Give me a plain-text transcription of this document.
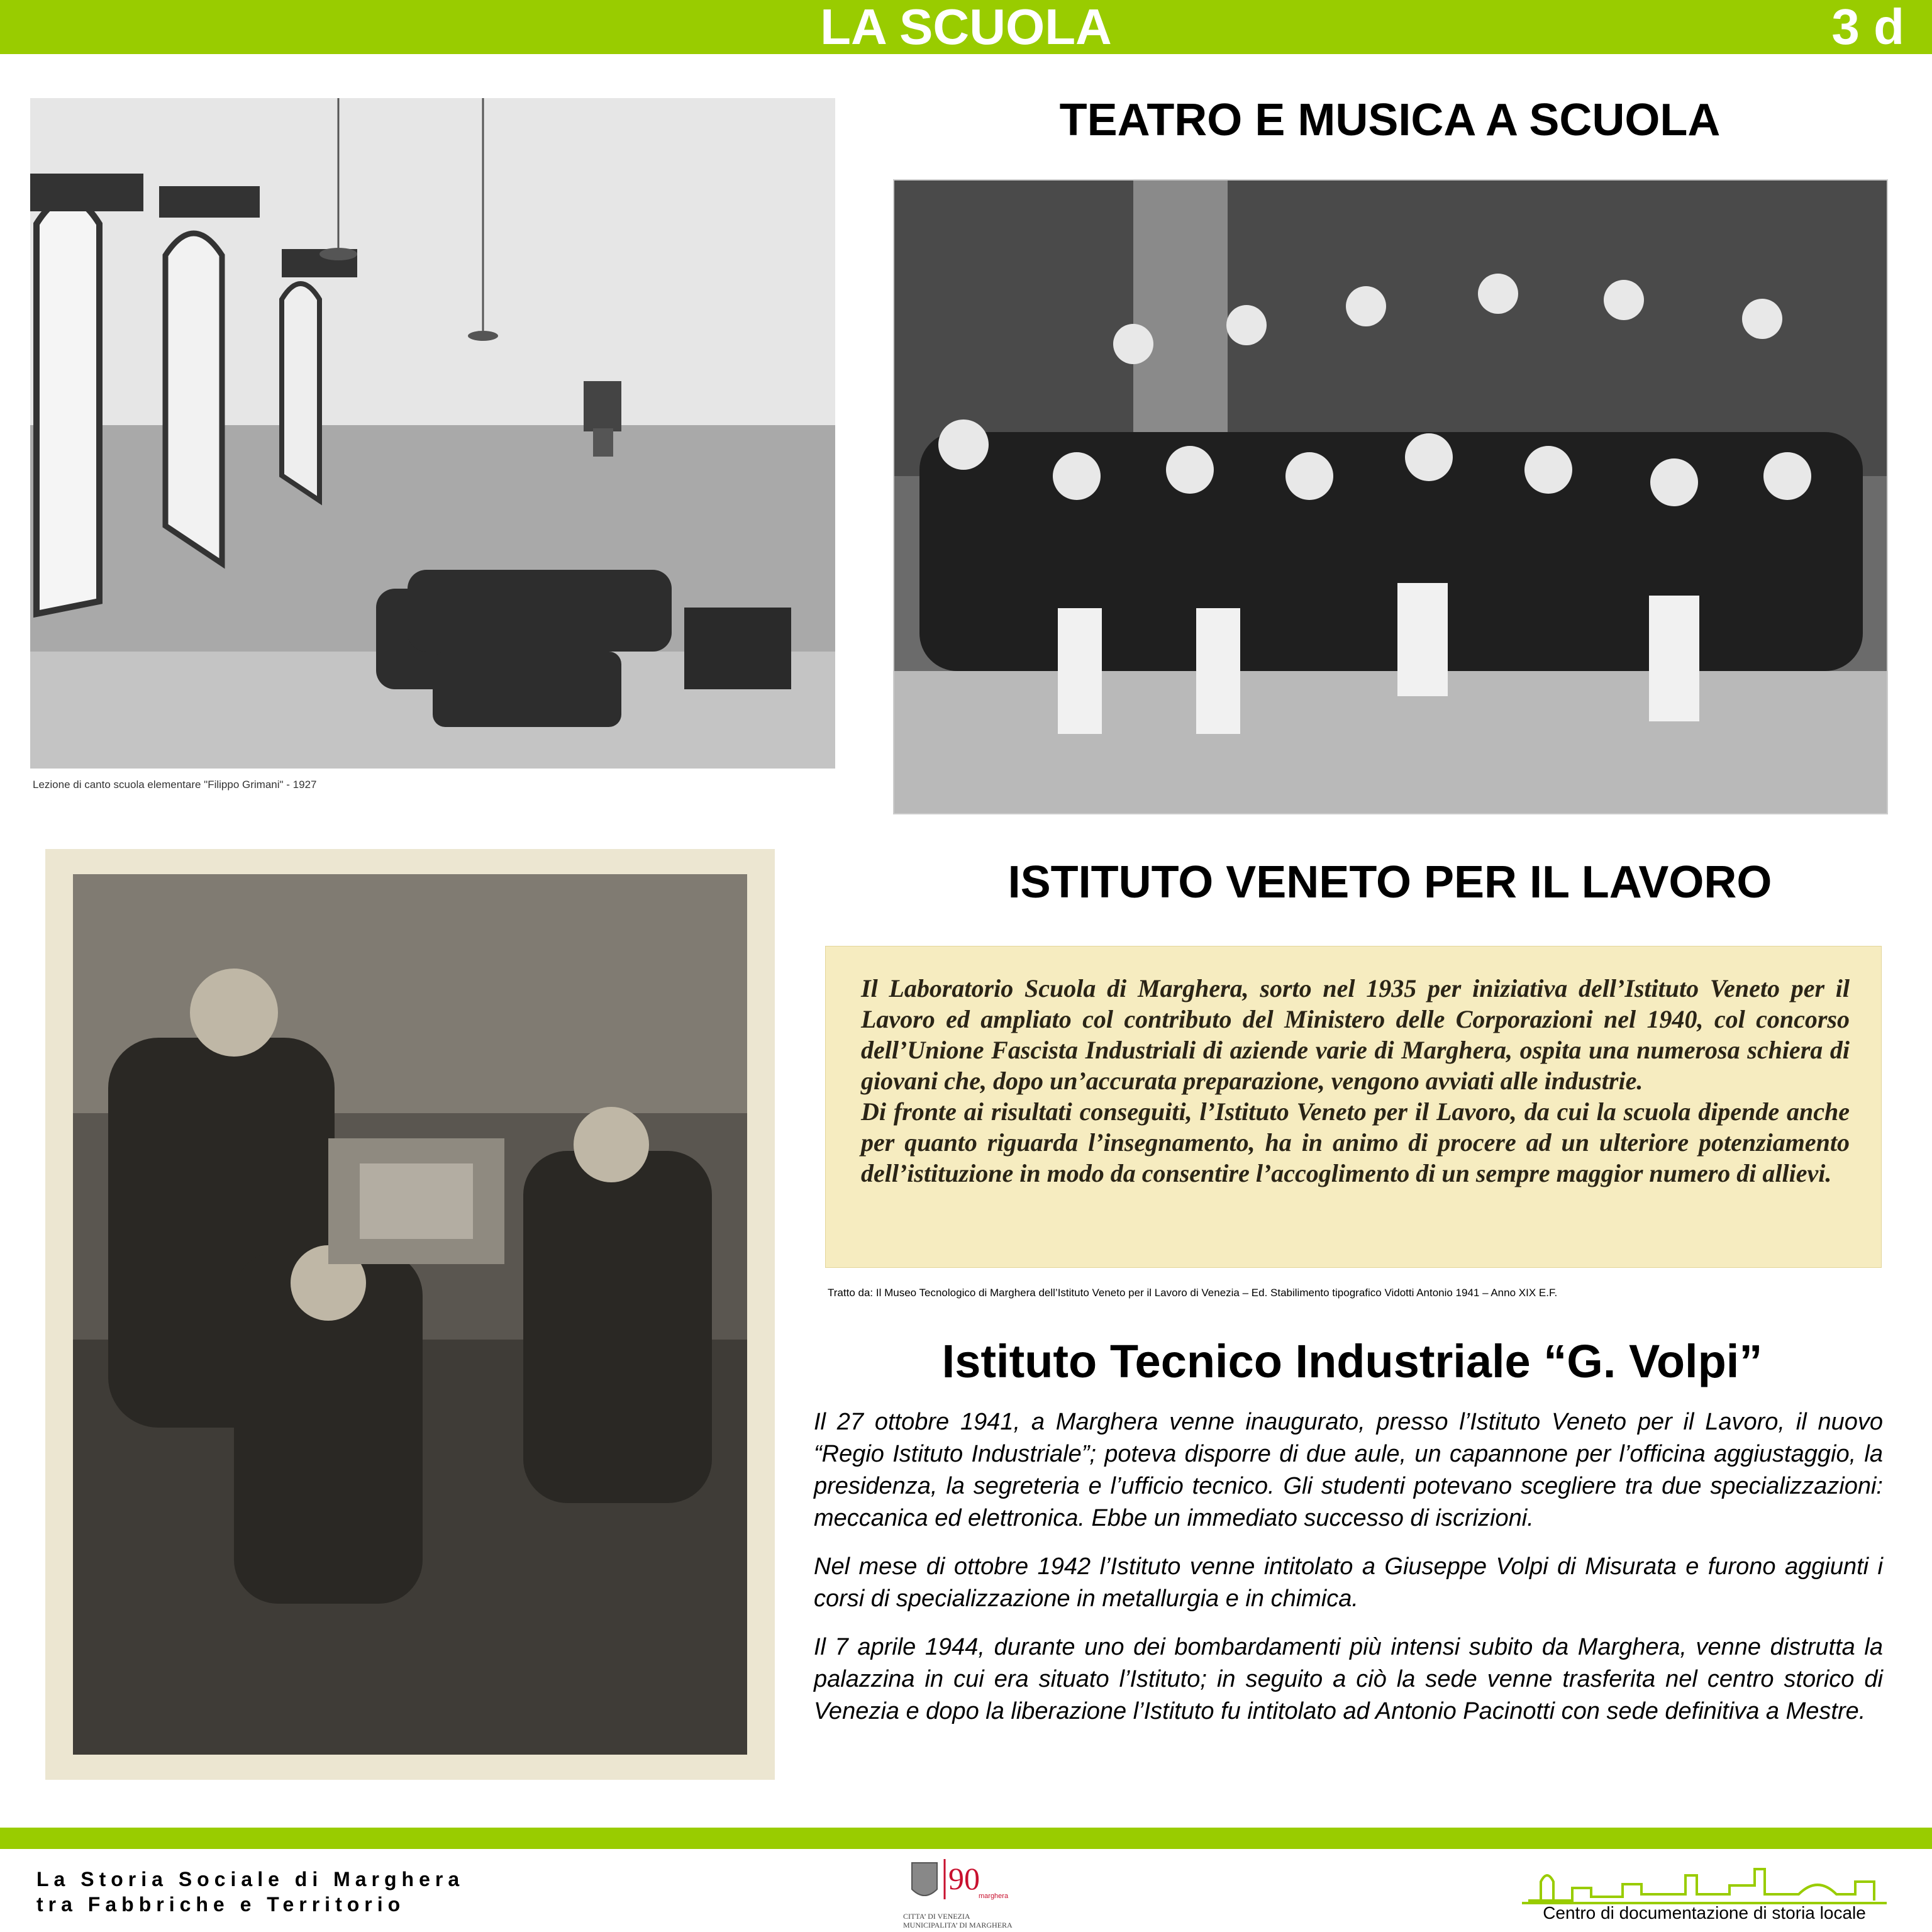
LA SCUOLA	3 d
Lezione di canto scuola elementare "Filippo Grimani" - 1927
TEATRO E MUSICA A SCUOLA
ISTITUTO VENETO PER IL LAVORO

Il Laboratorio Scuola di Marghera, sorto nel 1935 per iniziativa dell’Istituto Veneto per il Lavoro ed ampliato col contributo del Ministero delle Corporazioni nel 1940, col concorso dell’Unione Fascista Industriali di aziende varie di Marghera, ospita una numerosa schiera di giovani che, dopo un’accurata preparazione, vengono avviati alle industrie.

Di fronte ai risultati conseguiti, l’Istituto Veneto per il Lavoro, da cui la scuola dipende anche per quanto riguarda l’insegnamento, ha in animo di procere ad un ulteriore potenziamento dell’istituzione in modo da consentire l’accoglimento di un sempre maggior numero di allievi.

Tratto da: Il Museo Tecnologico di Marghera dell’Istituto Veneto per il Lavoro di Venezia – Ed. Stabilimento tipografico Vidotti Antonio 1941 – Anno XIX E.F.
Istituto Tecnico Industriale “G. Volpi”

Il 27 ottobre 1941, a Marghera venne inaugurato, presso l’Istituto Veneto per il Lavoro, il nuovo “Regio Istituto Industriale”; poteva disporre di due aule, un capannone per l’officina aggiustaggio, la presidenza, la segreteria e l’ufficio tecnico. Gli studenti potevano scegliere tra due specializzazioni: meccanica ed elettronica. Ebbe un immediato successo di iscrizioni.

Nel mese di ottobre 1942 l’Istituto venne intitolato a Giuseppe Volpi di Misurata e furono aggiunti i corsi di specializzazione in metallurgia e in chimica.

Il 7 aprile 1944, durante uno dei bombardamenti più intensi subito da Marghera, venne distrutta la palazzina in cui era situato l’Istituto; in seguito a ciò la sede venne trasferita nel centro storico di Venezia e dopo la liberazione l’Istituto fu intitolato ad Antonio Pacinotti con sede definitiva a Mestre.

La Storia Sociale di Marghera
tra Fabbriche e Territorio
90
marghera
CITTA’ DI VENEZIA
MUNICIPALITA’ DI MARGHERA
Centro di documentazione di storia locale
